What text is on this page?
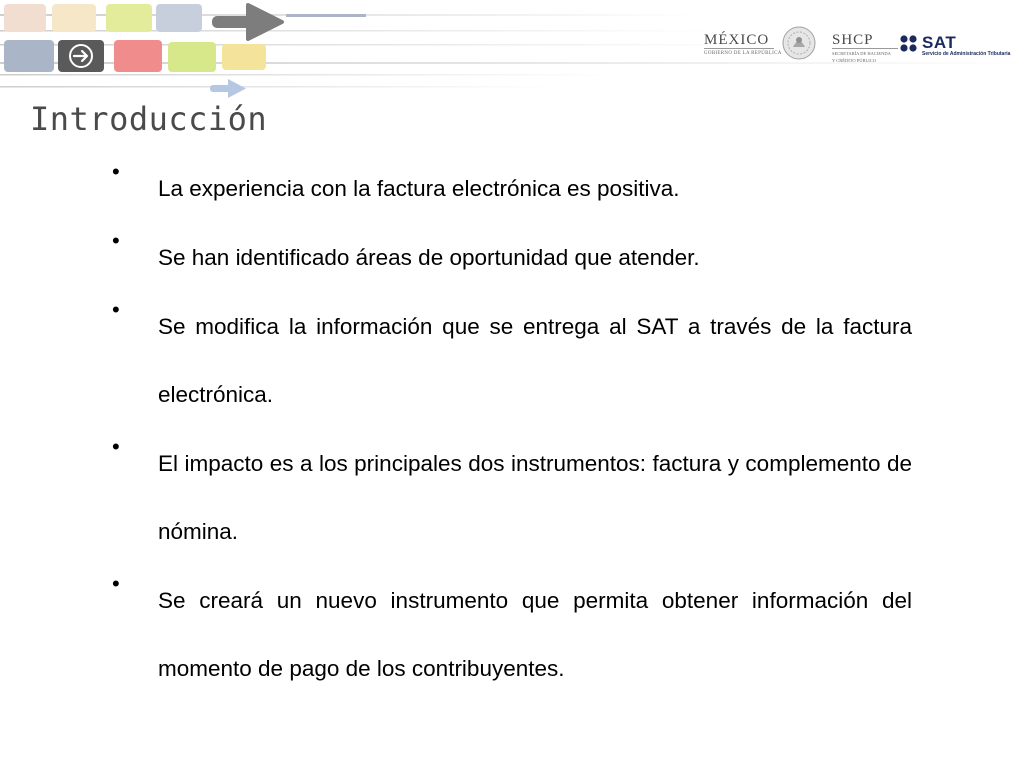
MÉXICO
GOBIERNO DE LA REPÚBLICA
SHCP
SECRETARÍA DE HACIENDA
Y CRÉDITO PÚBLICO
SAT
Servicio de Administración Tributaria
Introducción
•
La experiencia con la factura electrónica es positiva.
•
Se han identificado áreas de oportunidad que atender.
•
Se modifica la información que se entrega al SAT a través de la factura electrónica.
•
El impacto es a los principales dos instrumentos: factura y complemento de nómina.
•
Se creará un nuevo instrumento que permita obtener información del momento de pago de los contribuyentes.
